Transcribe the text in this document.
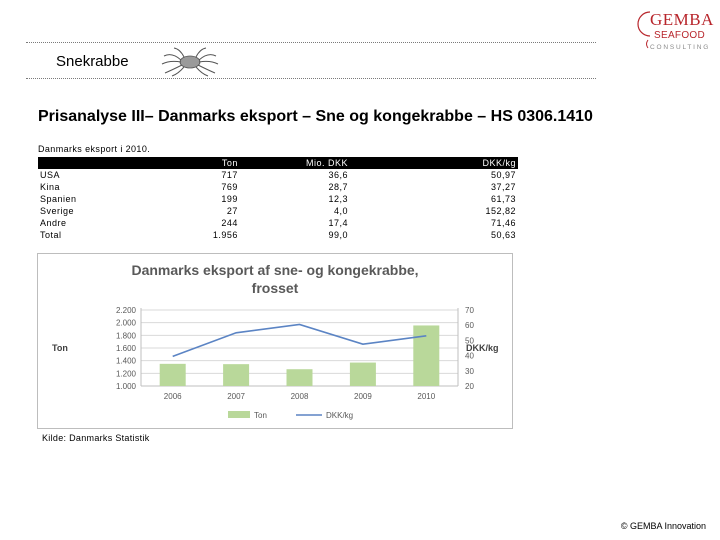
Snekrabbe
GEMBA
SEAFOOD
CONSULTING
Prisanalyse III– Danmarks eksport – Sne og kongekrabbe – HS 0306.1410
Danmarks eksport i 2010.
	Ton	Mio. DKK	DKK/kg
USA	717	36,6	50,97
Kina	769	28,7	37,27
Spanien	199	12,3	61,73
Sverige	27	4,0	152,82
Andre	244	17,4	71,46
Total	1.956	99,0	50,63
Danmarks eksport af sne- og kongekrabbe,
frosset
2.200
2.000
1.800
1.600
1.400
1.200
1.000
70
60
50
40
30
20
Ton	DKK/kg
2006	2007	2008	2009	2010
Ton	DKK/kg
Kilde: Danmarks Statistik
© GEMBA Innovation
